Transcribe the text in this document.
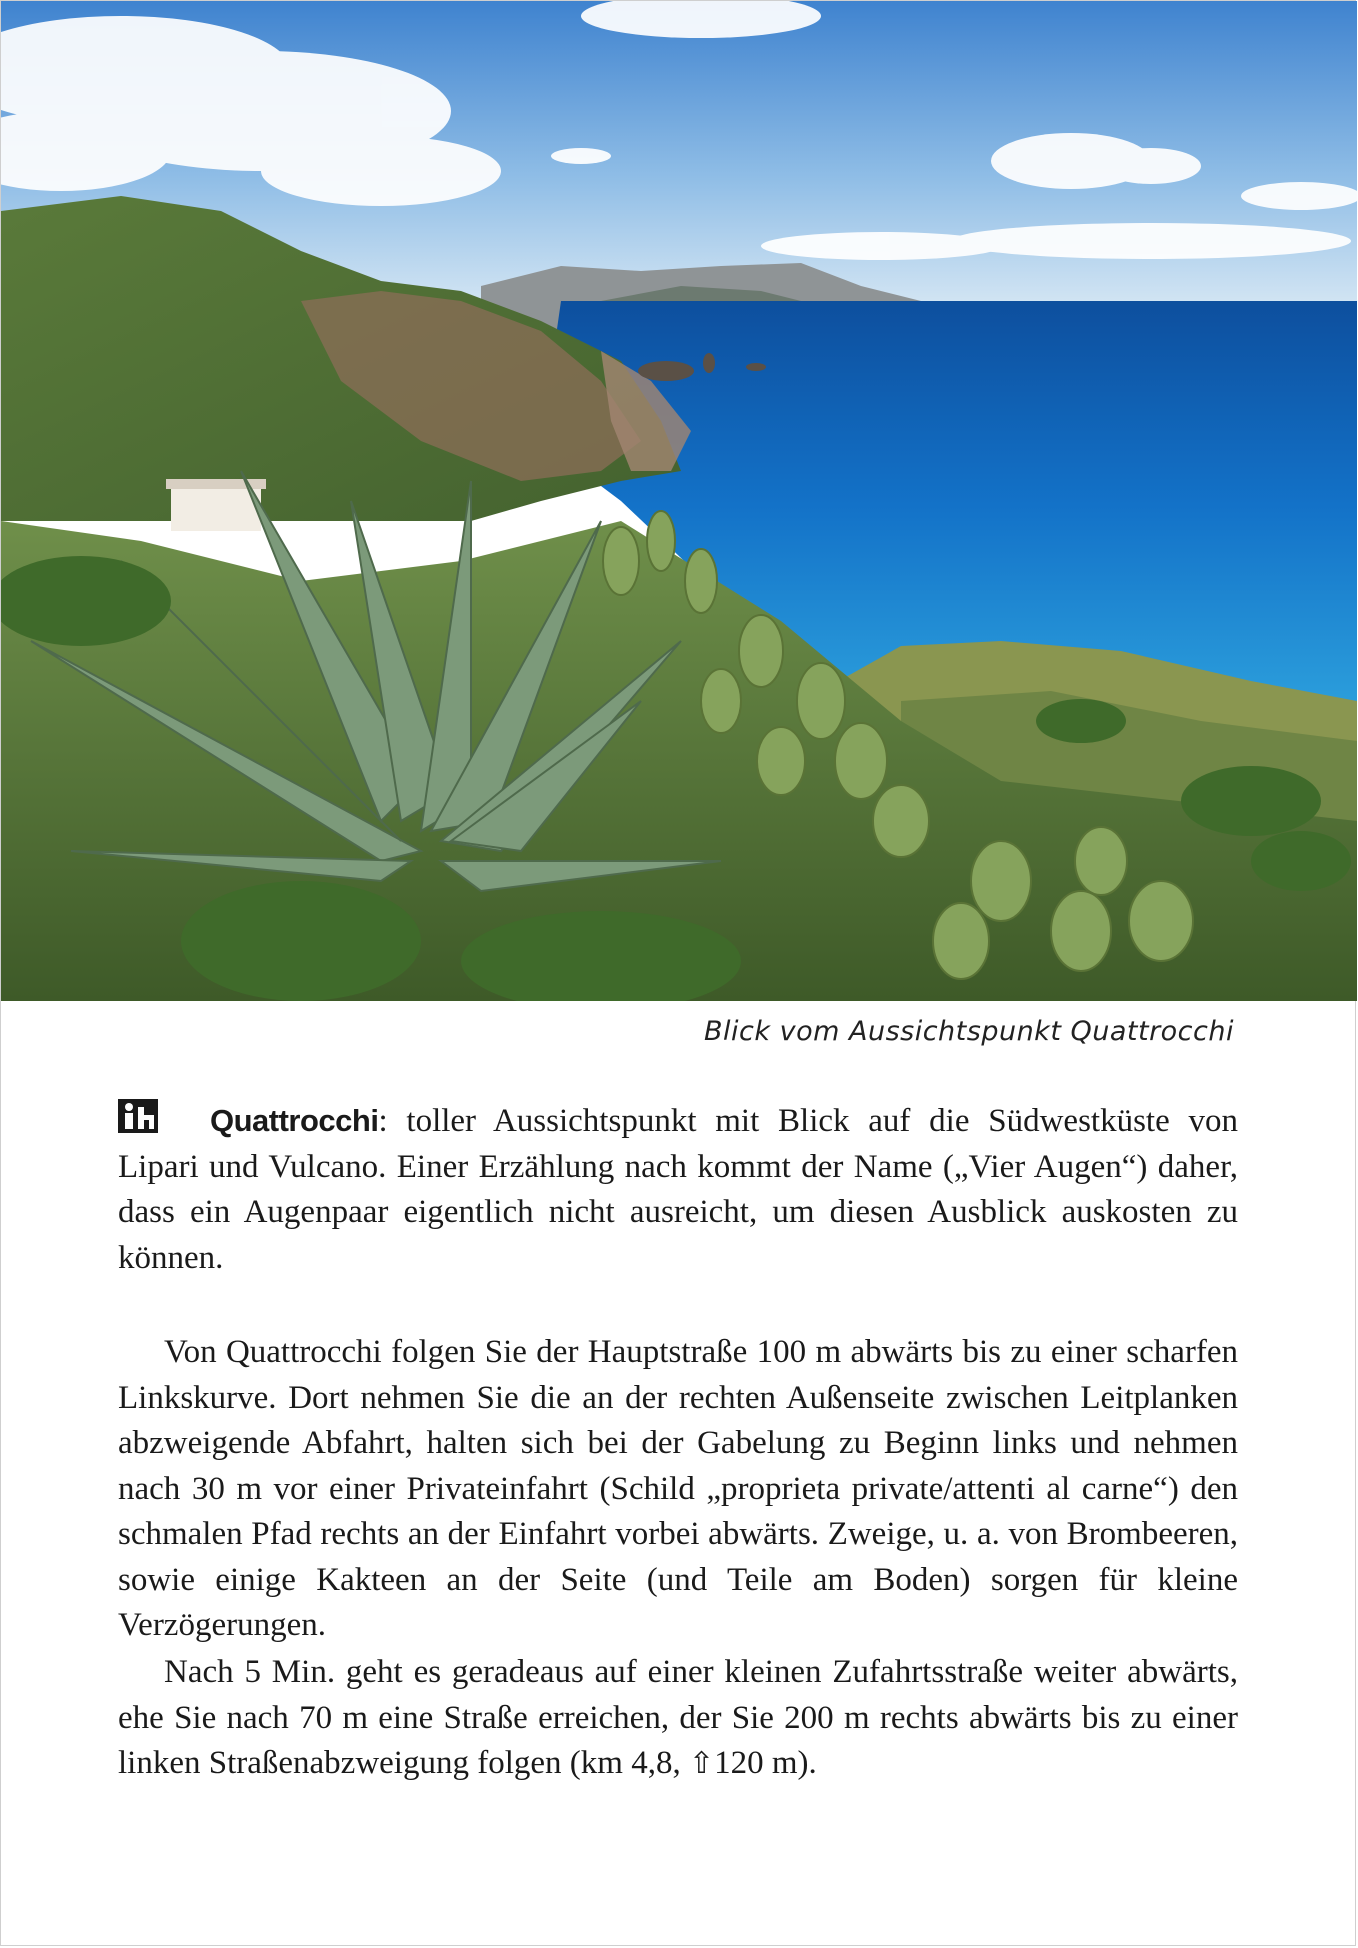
Blick vom Aussichtspunkt Quattrocchi
Quattrocchi: toller Aussichtspunkt mit Blick auf die Südwestküste von Lipari und Vulcano. Einer Erzählung nach kommt der Name („Vier Augen“) daher, dass ein Augenpaar eigentlich nicht ausreicht, um diesen Ausblick auskosten zu können.
Von Quattrocchi folgen Sie der Hauptstraße 100 m abwärts bis zu einer scharfen Linkskurve. Dort nehmen Sie die an der rechten Außenseite zwischen Leitplanken abzweigende Abfahrt, halten sich bei der Gabelung zu Beginn links und nehmen nach 30 m vor einer Privateinfahrt (Schild „proprieta private/attenti al carne“) den schmalen Pfad rechts an der Einfahrt vorbei abwärts. Zweige, u. a. von Brombeeren, sowie einige Kakteen an der Seite (und Teile am Boden) sorgen für kleine Verzögerungen.
Nach 5 Min. geht es geradeaus auf einer kleinen Zufahrtsstraße weiter abwärts, ehe Sie nach 70 m eine Straße erreichen, der Sie 200 m rechts abwärts bis zu einer linken Straßenabzweigung folgen (km 4,8, ⇧120 m).
